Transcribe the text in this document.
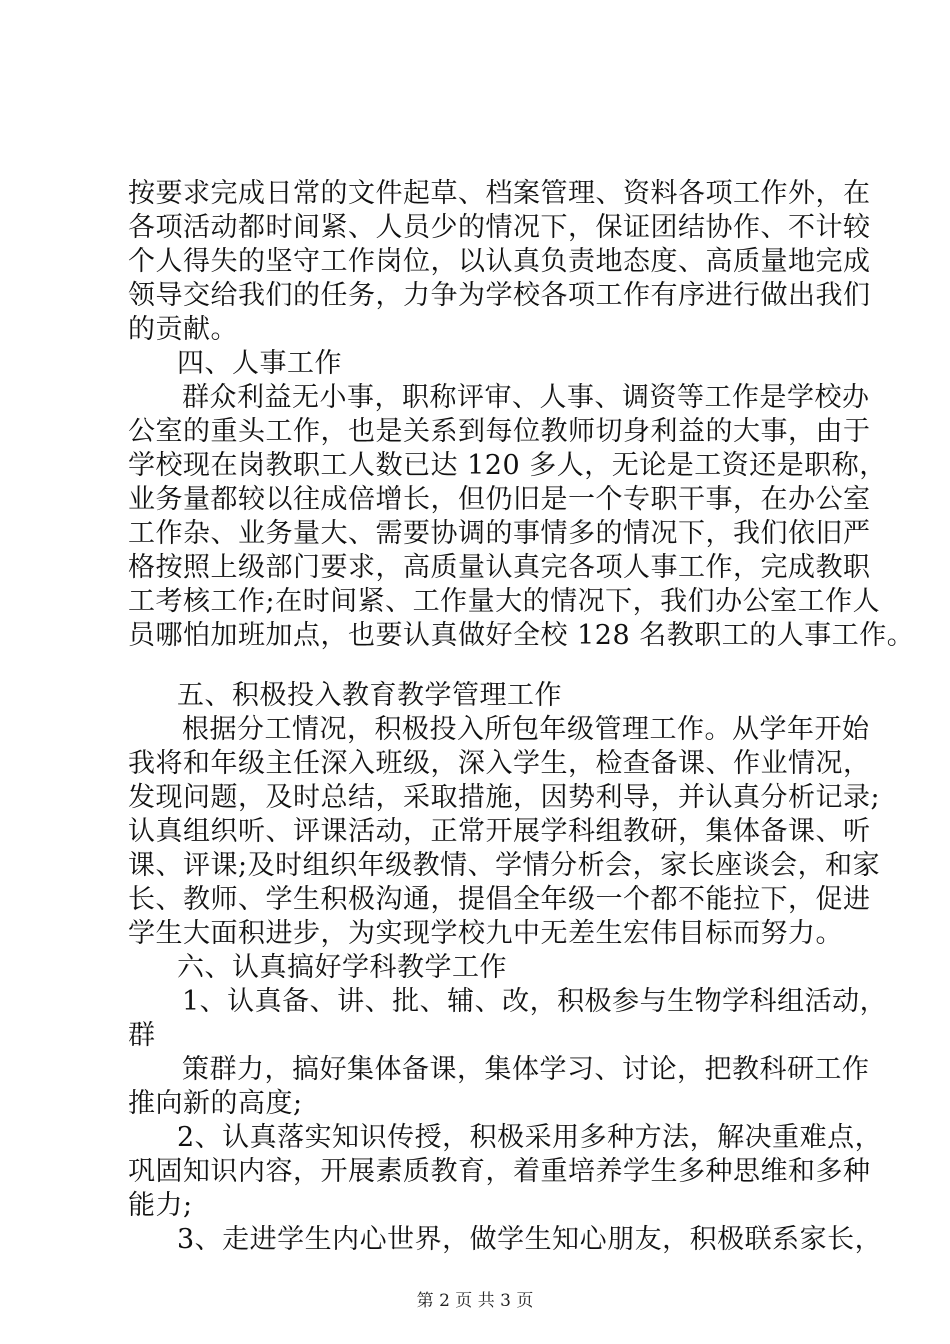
按要求完成日常的文件起草、档案管理、资料各项工作外，在
各项活动都时间紧、人员少的情况下，保证团结协作、不计较
个人得失的坚守工作岗位，以认真负责地态度、高质量地完成
领导交给我们的任务，力争为学校各项工作有序进行做出我们
的贡献。
四、人事工作
群众利益无小事，职称评审、人事、调资等工作是学校办
公室的重头工作，也是关系到每位教师切身利益的大事，由于
学校现在岗教职工人数已达 120 多人，无论是工资还是职称，
业务量都较以往成倍增长，但仍旧是一个专职干事，在办公室
工作杂、业务量大、需要协调的事情多的情况下，我们依旧严
格按照上级部门要求，高质量认真完各项人事工作，完成教职
工考核工作;在时间紧、工作量大的情况下，我们办公室工作人
员哪怕加班加点，也要认真做好全校 128 名教职工的人事工作。
五、积极投入教育教学管理工作
根据分工情况，积极投入所包年级管理工作。从学年开始
我将和年级主任深入班级，深入学生，检查备课、作业情况，
发现问题，及时总结，采取措施，因势利导，并认真分析记录;
认真组织听、评课活动，正常开展学科组教研，集体备课、听
课、评课;及时组织年级教情、学情分析会，家长座谈会，和家
长、教师、学生积极沟通，提倡全年级一个都不能拉下，促进
学生大面积进步，为实现学校九中无差生宏伟目标而努力。
六、认真搞好学科教学工作
1、认真备、讲、批、辅、改，积极参与生物学科组活动，
群
策群力，搞好集体备课，集体学习、讨论，把教科研工作
推向新的高度;
2、认真落实知识传授，积极采用多种方法，解决重难点，
巩固知识内容，开展素质教育，着重培养学生多种思维和多种
能力;
3、走进学生内心世界，做学生知心朋友，积极联系家长，
第 2 页 共 3 页
